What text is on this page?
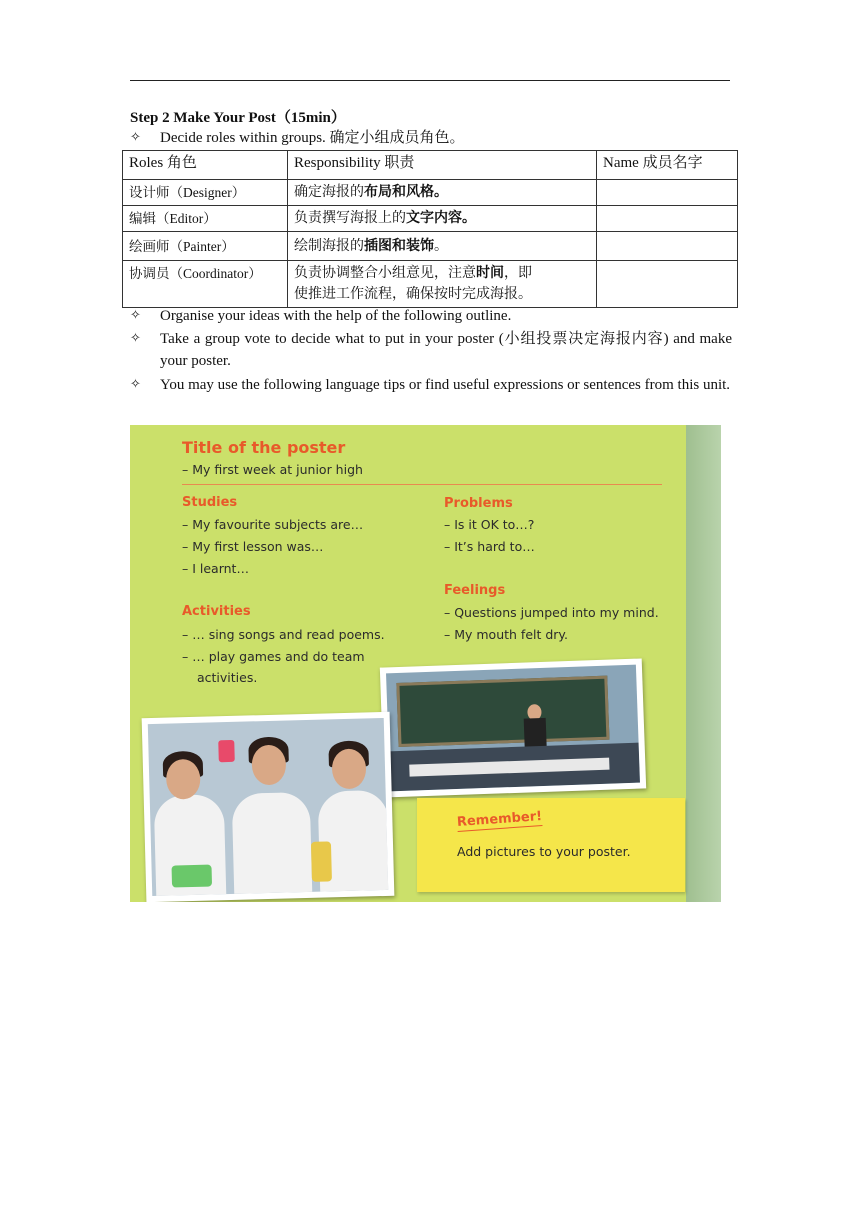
Step 2 Make Your Post（15min）
✧	Decide roles within groups. 确定小组成员角色。
Roles 角色	Responsibility 职责	Name 成员名字
设计师（Designer）	确定海报的布局和风格。	
编辑（Editor）	负责撰写海报上的文字内容。	
绘画师（Painter）	绘制海报的插图和装饰。	
协调员（Coordinator）	负责协调整合小组意见，注意时间，即
使推进工作流程，确保按时完成海报。	
✧	Organise your ideas with the help of the following outline.
✧	Take a group vote to decide what to put in your poster (小组投票决定海报内容) and make your poster.
✧	You may use the following language tips or find useful expressions or sentences from this unit.
Title of the poster
– My first week at junior high
Studies
– My favourite subjects are…
– My first lesson was…
– I learnt…
Activities
– … sing songs and read poems.
– … play games and do team
activities.
Problems
– Is it OK to…?
– It’s hard to…
Feelings
– Questions jumped into my mind.
– My mouth felt dry.
Remember!
Add pictures to your poster.
